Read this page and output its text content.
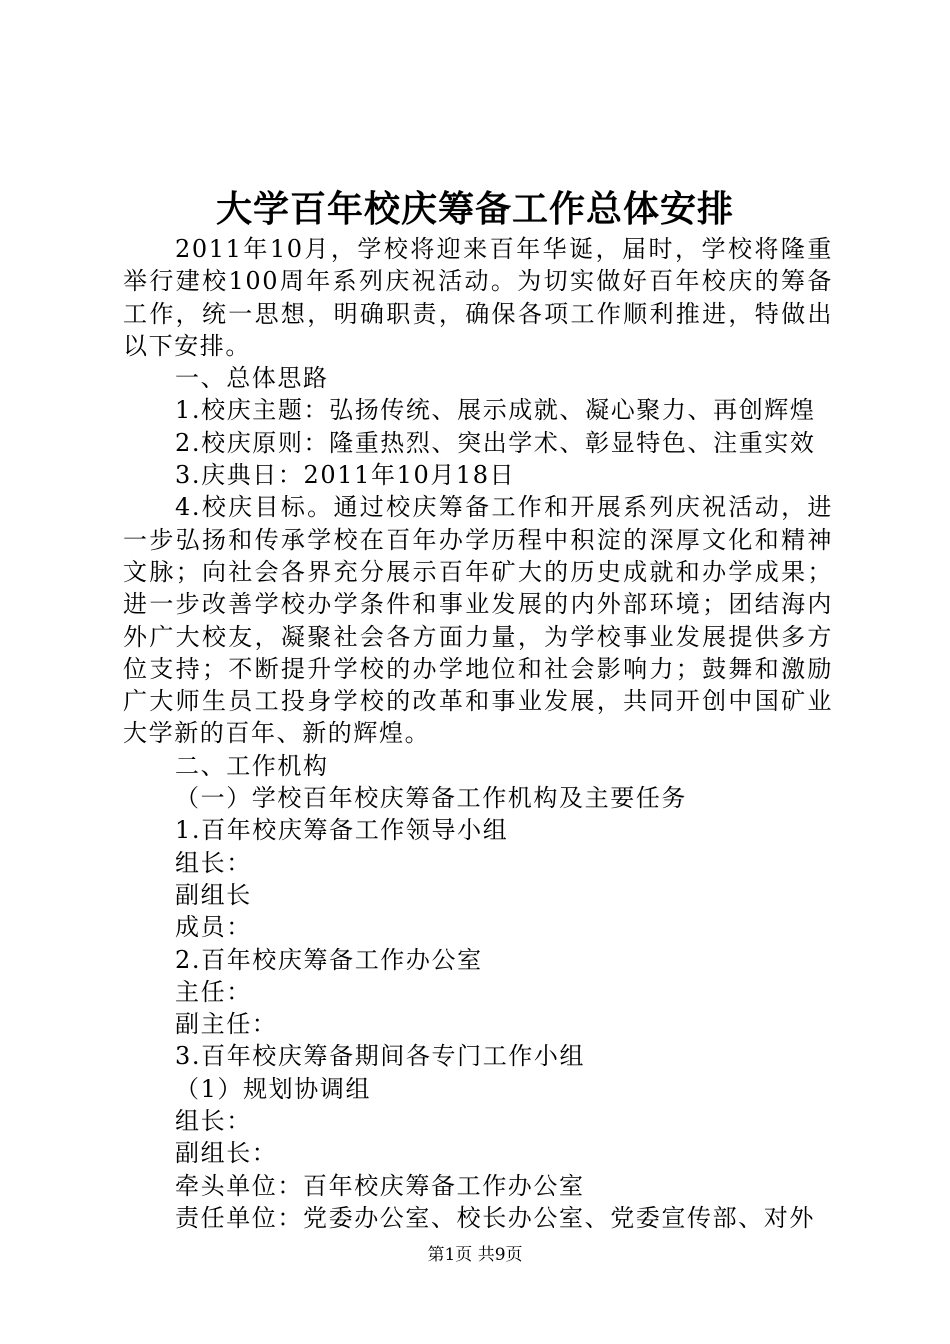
大学百年校庆筹备工作总体安排

2011年10月，学校将迎来百年华诞，届时，学校将隆重举行建校100周年系列庆祝活动。为切实做好百年校庆的筹备工作，统一思想，明确职责，确保各项工作顺利推进，特做出以下安排。

一、总体思路

1.校庆主题：弘扬传统、展示成就、凝心聚力、再创辉煌

2.校庆原则：隆重热烈、突出学术、彰显特色、注重实效

3.庆典日：2011年10月18日

4.校庆目标。通过校庆筹备工作和开展系列庆祝活动，进一步弘扬和传承学校在百年办学历程中积淀的深厚文化和精神文脉；向社会各界充分展示百年矿大的历史成就和办学成果；进一步改善学校办学条件和事业发展的内外部环境；团结海内外广大校友，凝聚社会各方面力量，为学校事业发展提供多方位支持；不断提升学校的办学地位和社会影响力；鼓舞和激励广大师生员工投身学校的改革和事业发展，共同开创中国矿业大学新的百年、新的辉煌。

二、工作机构

（一）学校百年校庆筹备工作机构及主要任务

1.百年校庆筹备工作领导小组

组长：

副组长

成员：

2.百年校庆筹备工作办公室

主任：

副主任：

3.百年校庆筹备期间各专门工作小组

（1）规划协调组

组长：

副组长：

牵头单位：百年校庆筹备工作办公室

责任单位：党委办公室、校长办公室、党委宣传部、对外

第1页 共9页
